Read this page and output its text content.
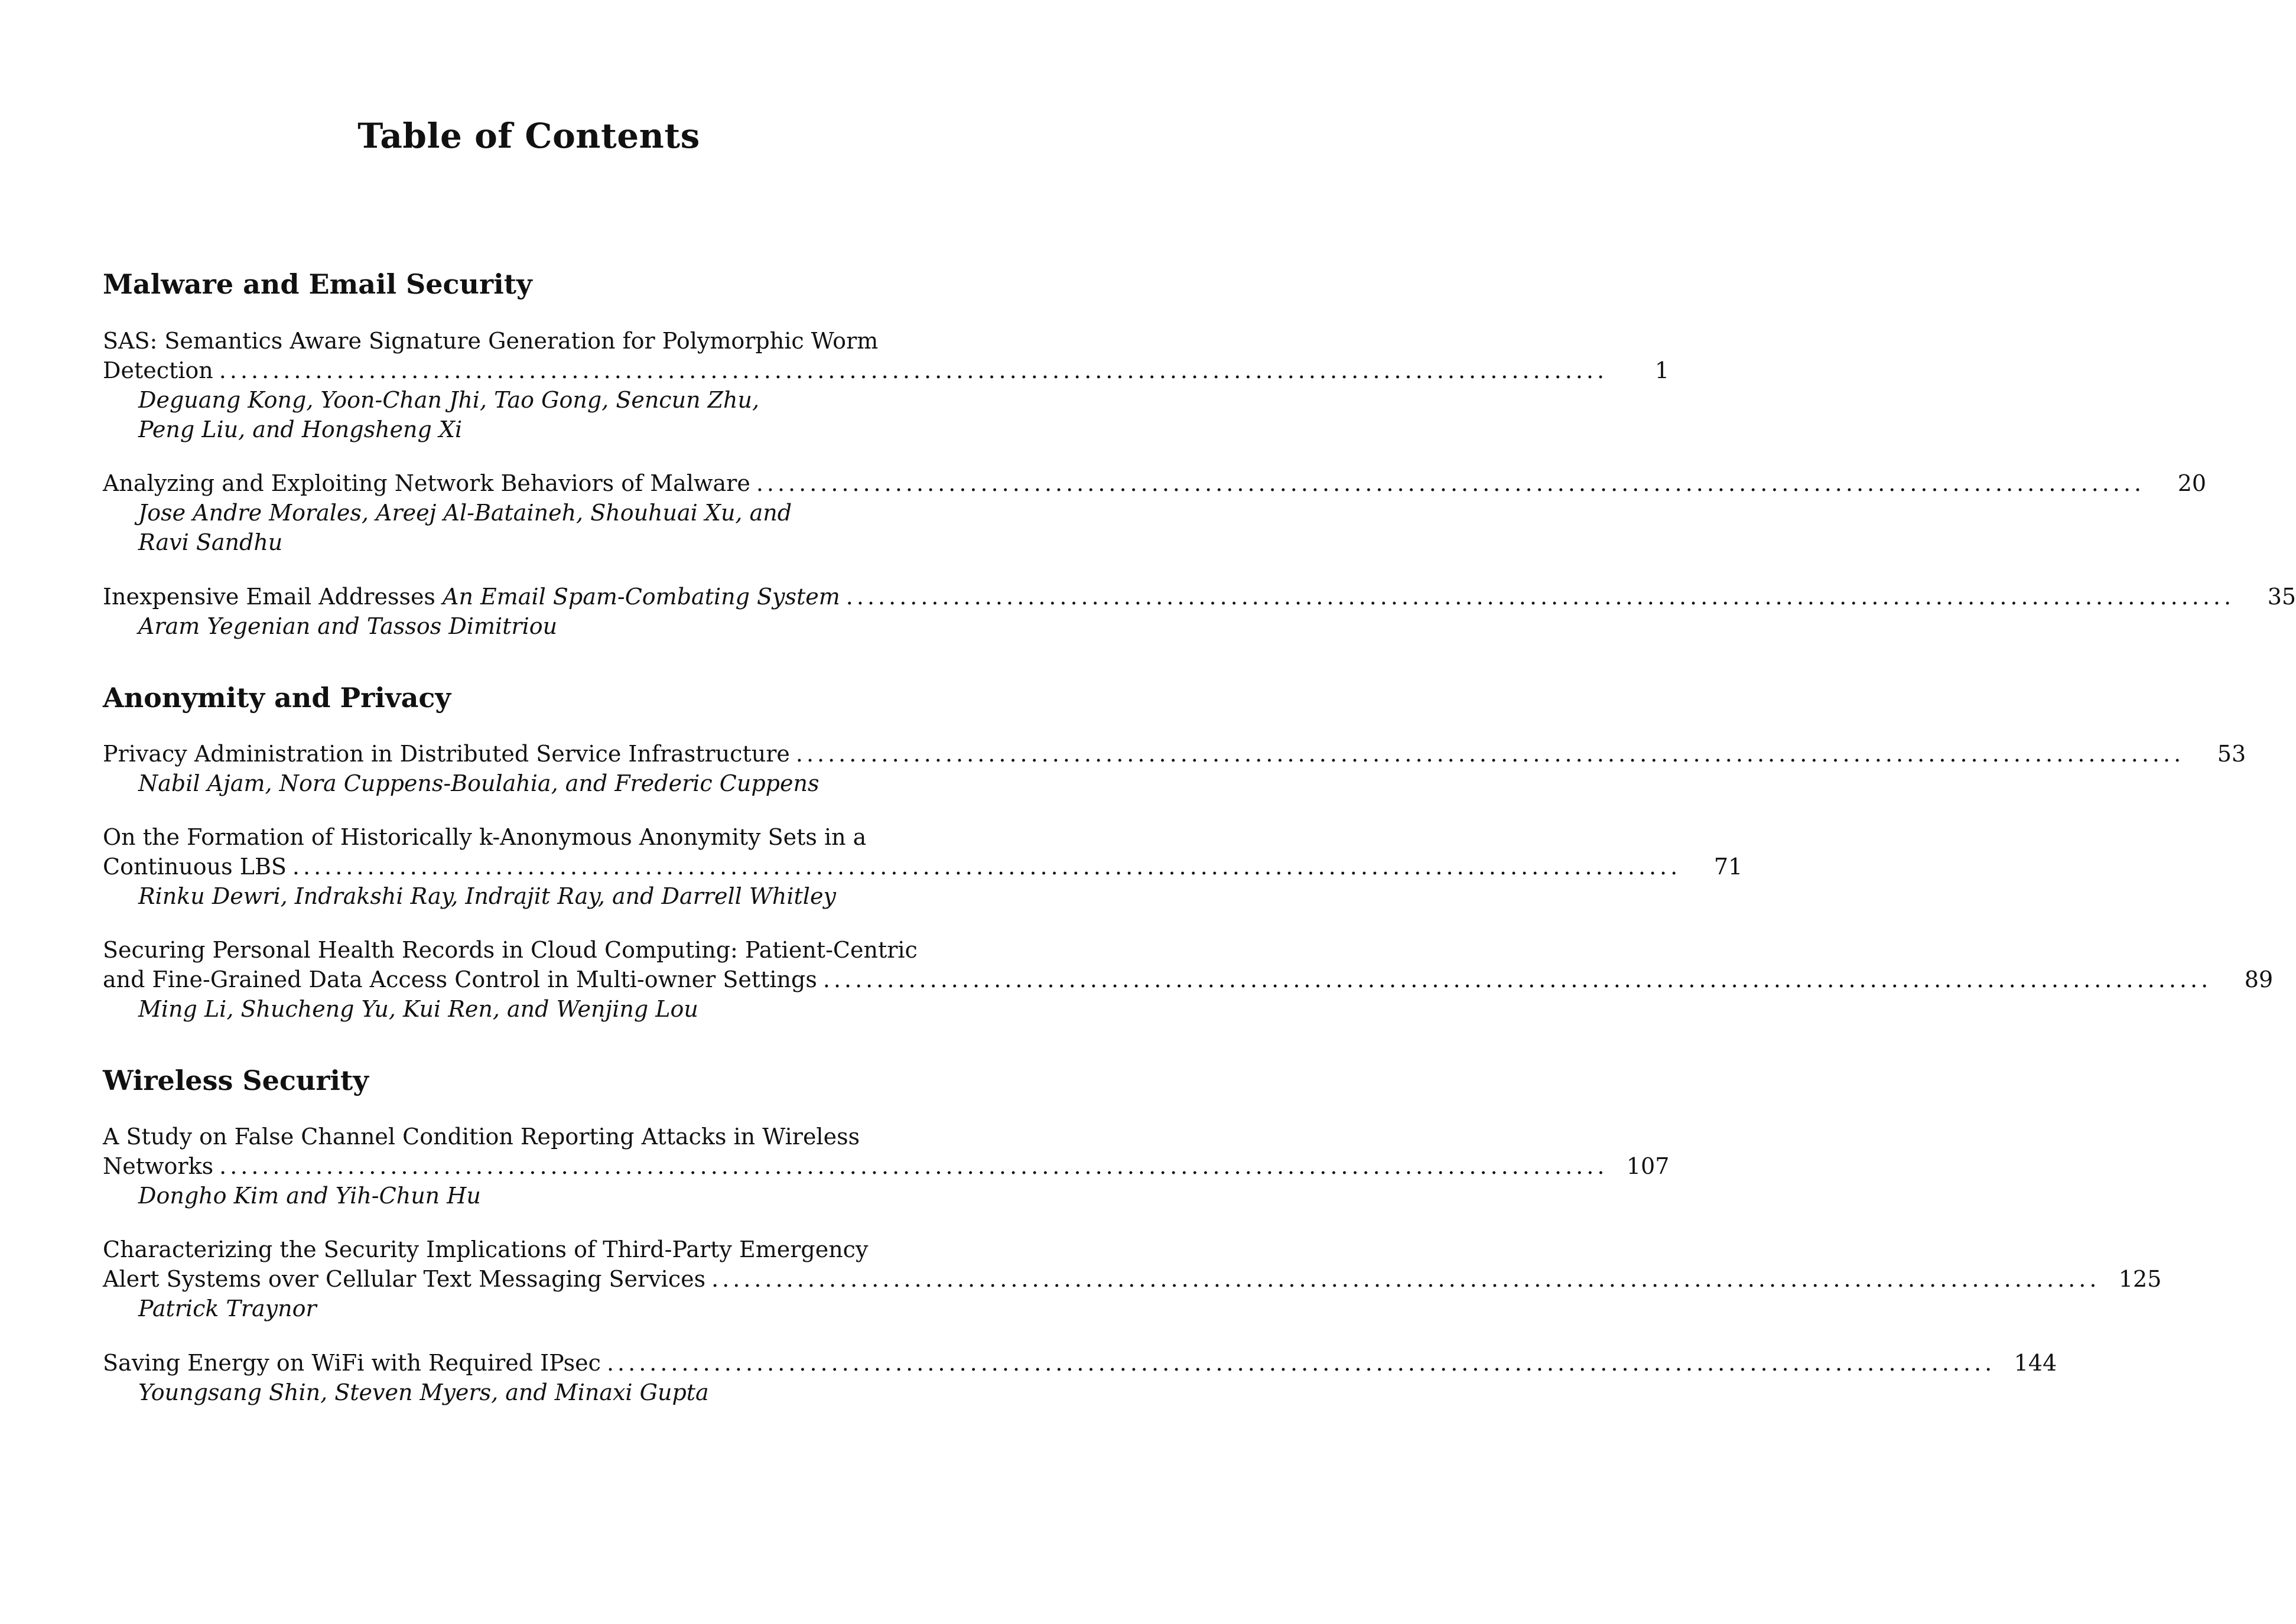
Table of Contents
Malware and Email Security
SAS: Semantics Aware Signature Generation for Polymorphic Worm
Detection ..................................................................................................................................	1
Deguang Kong, Yoon-Chan Jhi, Tao Gong, Sencun Zhu,
Peng Liu, and Hongsheng Xi
Analyzing and Exploiting Network Behaviors of Malware ..................................................................................................................................	20
Jose Andre Morales, Areej Al-Bataineh, Shouhuai Xu, and
Ravi Sandhu
Inexpensive Email Addresses An Email Spam-Combating System ..................................................................................................................................	35
Aram Yegenian and Tassos Dimitriou
Anonymity and Privacy
Privacy Administration in Distributed Service Infrastructure ..................................................................................................................................	53
Nabil Ajam, Nora Cuppens-Boulahia, and Frederic Cuppens
On the Formation of Historically k-Anonymous Anonymity Sets in a
Continuous LBS ..................................................................................................................................	71
Rinku Dewri, Indrakshi Ray, Indrajit Ray, and Darrell Whitley
Securing Personal Health Records in Cloud Computing: Patient-Centric
and Fine-Grained Data Access Control in Multi-owner Settings ..................................................................................................................................	89
Ming Li, Shucheng Yu, Kui Ren, and Wenjing Lou
Wireless Security
A Study on False Channel Condition Reporting Attacks in Wireless
Networks .................................................................................................................................. 107
Dongho Kim and Yih-Chun Hu
Characterizing the Security Implications of Third-Party Emergency
Alert Systems over Cellular Text Messaging Services .................................................................................................................................. 125
Patrick Traynor
Saving Energy on WiFi with Required IPsec .................................................................................................................................. 144
Youngsang Shin, Steven Myers, and Minaxi Gupta
